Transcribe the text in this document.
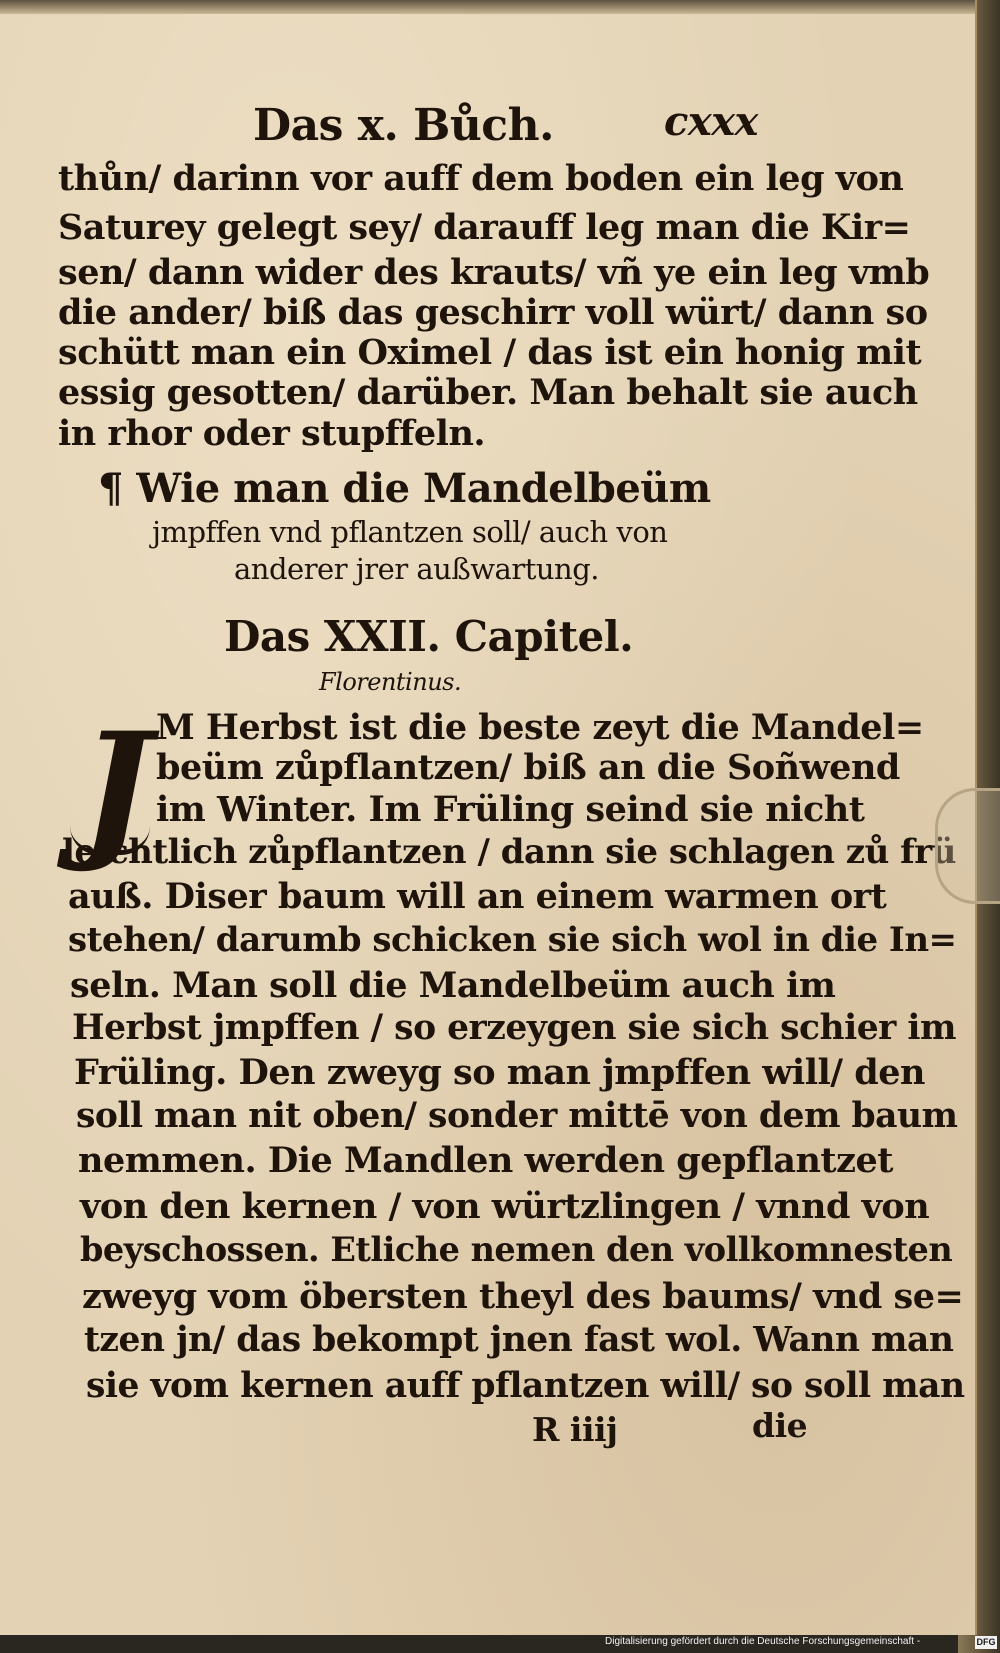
Das x. Bůch.	cxxx
thůn/ darinn vor auff dem boden ein leg von
Saturey gelegt sey/ darauff leg man die Kir=
sen/ dann wider des krauts/ vñ ye ein leg vmb
die ander/ biß das geschirr voll würt/ dann so
schütt man ein Oximel / das ist ein honig mit
essig gesotten/ darüber. Man behalt sie auch
in rhor oder stupffeln.
¶ Wie man die Mandelbeüm
jmpffen vnd pflantzen soll/ auch von
anderer jrer außwartung.
Das XXII. Capitel.
Florentinus.
J M Herbst ist die beste zeyt die Mandel=
beüm zůpflantzen/ biß an die Soñwend
im Winter. Im Früling seind sie nicht
leichtlich zůpflantzen / dann sie schlagen zů frü
auß. Diser baum will an einem warmen ort
stehen/ darumb schicken sie sich wol in die In=
seln. Man soll die Mandelbeüm auch im
Herbst jmpffen / so erzeygen sie sich schier im
Früling. Den zweyg so man jmpffen will/ den
soll man nit oben/ sonder mittē von dem baum
nemmen. Die Mandlen werden gepflantzet
von den kernen / von würtzlingen / vnnd von
beyschossen. Etliche nemen den vollkomnesten
zweyg vom öbersten theyl des baums/ vnd se=
tzen jn/ das bekompt jnen fast wol. Wann man
sie vom kernen auff pflantzen will/ so soll man
R iiij	die
Digitalisierung gefördert durch die Deutsche Forschungsgemeinschaft -	DFG
